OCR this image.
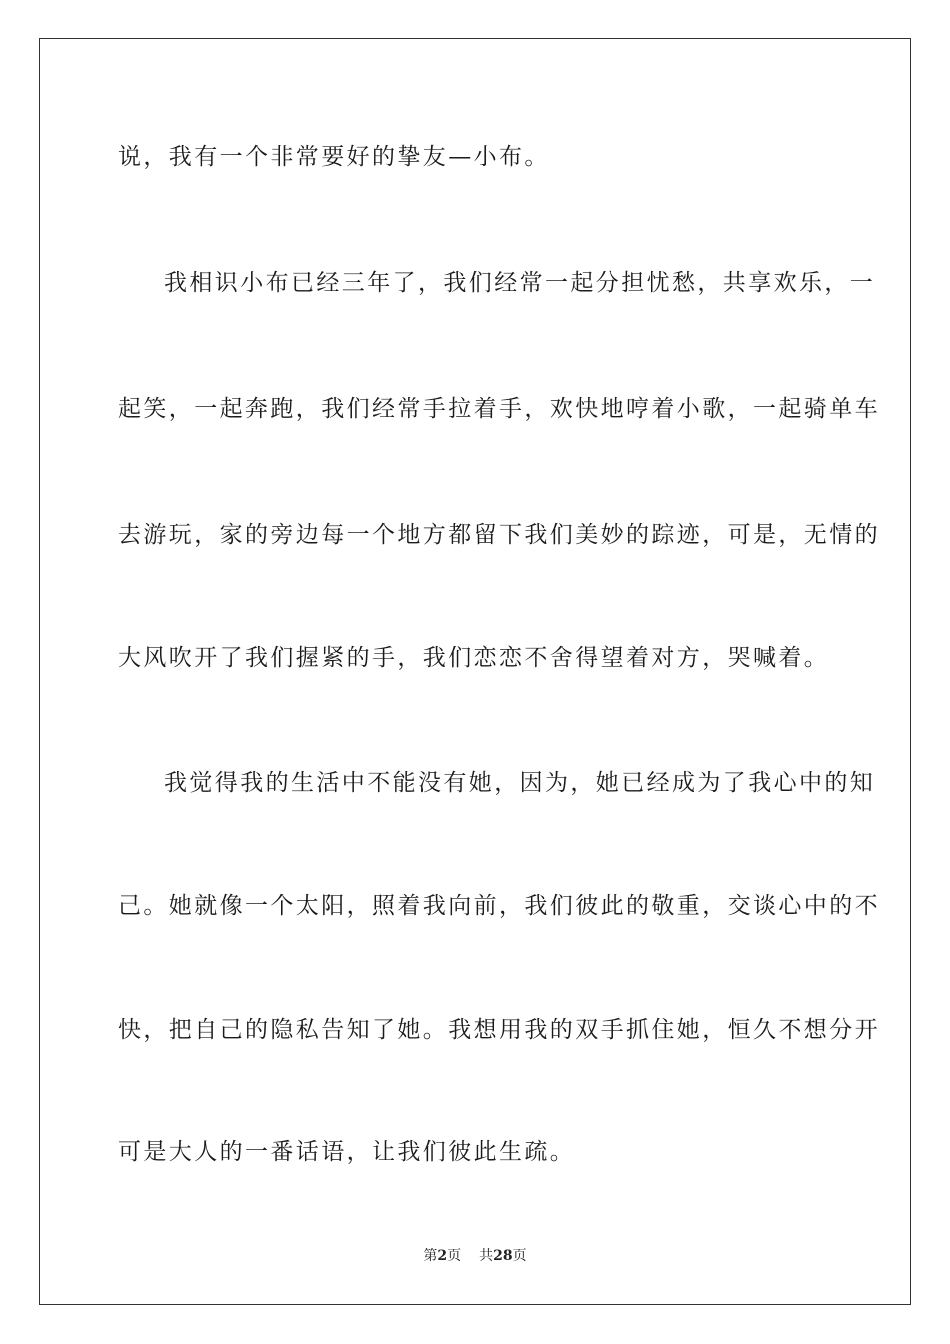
说，我有一个非常要好的挚友—小布。
我相识小布已经三年了，我们经常一起分担忧愁，共享欢乐，一
起笑，一起奔跑，我们经常手拉着手，欢快地哼着小歌，一起骑单车
去游玩，家的旁边每一个地方都留下我们美妙的踪迹，可是，无情的
大风吹开了我们握紧的手，我们恋恋不舍得望着对方，哭喊着。
我觉得我的生活中不能没有她，因为，她已经成为了我心中的知
己。她就像一个太阳，照着我向前，我们彼此的敬重，交谈心中的不
快，把自己的隐私告知了她。我想用我的双手抓住她，恒久不想分开
可是大人的一番话语，让我们彼此生疏。
第2页 共28页
